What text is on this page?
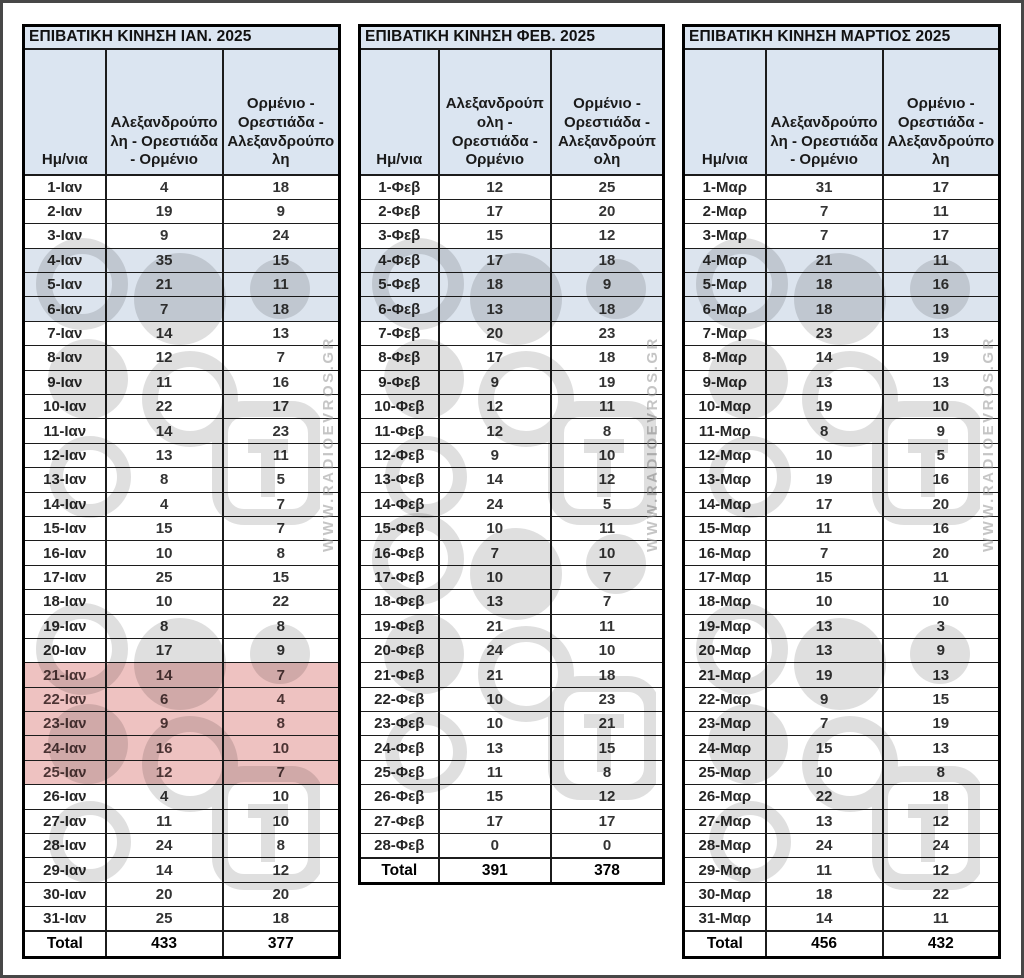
ΕΠΙΒΑΤΙΚΗ ΚΙΝΗΣΗ ΙΑΝ. 2025		
Ημ/νια	Αλεξανδρούπολη - Ορεστιάδα - Ορμένιο	Ορμένιο - Ορεστιάδα - Αλεξανδρούπολη
1-Ιαν	4	18
2-Ιαν	19	9
3-Ιαν	9	24
4-Ιαν	35	15
5-Ιαν	21	11
6-Ιαν	7	18
7-Ιαν	14	13
8-Ιαν	12	7
9-Ιαν	11	16
10-Ιαν	22	17
11-Ιαν	14	23
12-Ιαν	13	11
13-Ιαν	8	5
14-Ιαν	4	7
15-Ιαν	15	7
16-Ιαν	10	8
17-Ιαν	25	15
18-Ιαν	10	22
19-Ιαν	8	8
20-Ιαν	17	9
21-Ιαν	14	7
22-Ιαν	6	4
23-Ιαν	9	8
24-Ιαν	16	10
25-Ιαν	12	7
26-Ιαν	4	10
27-Ιαν	11	10
28-Ιαν	24	8
29-Ιαν	14	12
30-Ιαν	20	20
31-Ιαν	25	18
Total	433	377
WWW.RADIOEVROS.GR
ΕΠΙΒΑΤΙΚΗ ΚΙΝΗΣΗ ΦΕΒ. 2025		
Ημ/νια	Αλεξανδρούπολη - Ορεστιάδα - Ορμένιο	Ορμένιο - Ορεστιάδα - Αλεξανδρούπολη
1-Φεβ	12	25
2-Φεβ	17	20
3-Φεβ	15	12
4-Φεβ	17	18
5-Φεβ	18	9
6-Φεβ	13	18
7-Φεβ	20	23
8-Φεβ	17	18
9-Φεβ	9	19
10-Φεβ	12	11
11-Φεβ	12	8
12-Φεβ	9	10
13-Φεβ	14	12
14-Φεβ	24	5
15-Φεβ	10	11
16-Φεβ	7	10
17-Φεβ	10	7
18-Φεβ	13	7
19-Φεβ	21	11
20-Φεβ	24	10
21-Φεβ	21	18
22-Φεβ	10	23
23-Φεβ	10	21
24-Φεβ	13	15
25-Φεβ	11	8
26-Φεβ	15	12
27-Φεβ	17	17
28-Φεβ	0	0
Total	391	378
WWW.RADIOEVROS.GR
ΕΠΙΒΑΤΙΚΗ ΚΙΝΗΣΗ ΜΑΡΤΙΟΣ 2025		
Ημ/νια	Αλεξανδρούπολη - Ορεστιάδα - Ορμένιο	Ορμένιο - Ορεστιάδα - Αλεξανδρούπολη
1-Μαρ	31	17
2-Μαρ	7	11
3-Μαρ	7	17
4-Μαρ	21	11
5-Μαρ	18	16
6-Μαρ	18	19
7-Μαρ	23	13
8-Μαρ	14	19
9-Μαρ	13	13
10-Μαρ	19	10
11-Μαρ	8	9
12-Μαρ	10	5
13-Μαρ	19	16
14-Μαρ	17	20
15-Μαρ	11	16
16-Μαρ	7	20
17-Μαρ	15	11
18-Μαρ	10	10
19-Μαρ	13	3
20-Μαρ	13	9
21-Μαρ	19	13
22-Μαρ	9	15
23-Μαρ	7	19
24-Μαρ	15	13
25-Μαρ	10	8
26-Μαρ	22	18
27-Μαρ	13	12
28-Μαρ	24	24
29-Μαρ	11	12
30-Μαρ	18	22
31-Μαρ	14	11
Total	456	432
WWW.RADIOEVROS.GR
